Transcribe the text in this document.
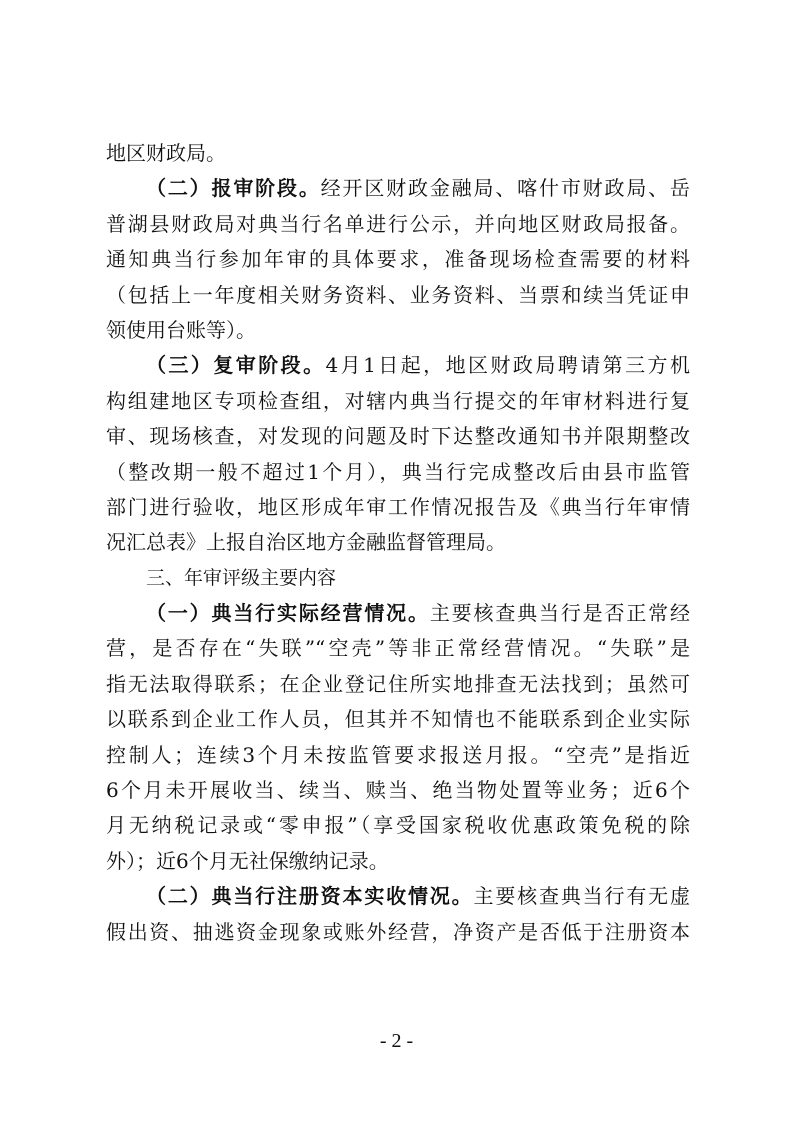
地区财政局。
（二）报审阶段。经开区财政金融局、喀什市财政局、岳
普湖县财政局对典当行名单进行公示，并向地区财政局报备。
通知典当行参加年审的具体要求，准备现场检查需要的材料
（包括上一年度相关财务资料、业务资料、当票和续当凭证申
领使用台账等）。
（三）复审阶段。4月1日起，地区财政局聘请第三方机
构组建地区专项检查组，对辖内典当行提交的年审材料进行复
审、现场核查，对发现的问题及时下达整改通知书并限期整改
（整改期一般不超过1个月），典当行完成整改后由县市监管
部门进行验收，地区形成年审工作情况报告及《典当行年审情
况汇总表》上报自治区地方金融监督管理局。
三、年审评级主要内容
（一）典当行实际经营情况。主要核查典当行是否正常经
营，是否存在“失联”“空壳”等非正常经营情况。“失联”是
指无法取得联系；在企业登记住所实地排查无法找到；虽然可
以联系到企业工作人员，但其并不知情也不能联系到企业实际
控制人；连续3个月未按监管要求报送月报。“空壳”是指近
6个月未开展收当、续当、赎当、绝当物处置等业务；近6个
月无纳税记录或“零申报”（享受国家税收优惠政策免税的除
外）；近6个月无社保缴纳记录。
（二）典当行注册资本实收情况。主要核查典当行有无虚
假出资、抽逃资金现象或账外经营，净资产是否低于注册资本
- 2 -
